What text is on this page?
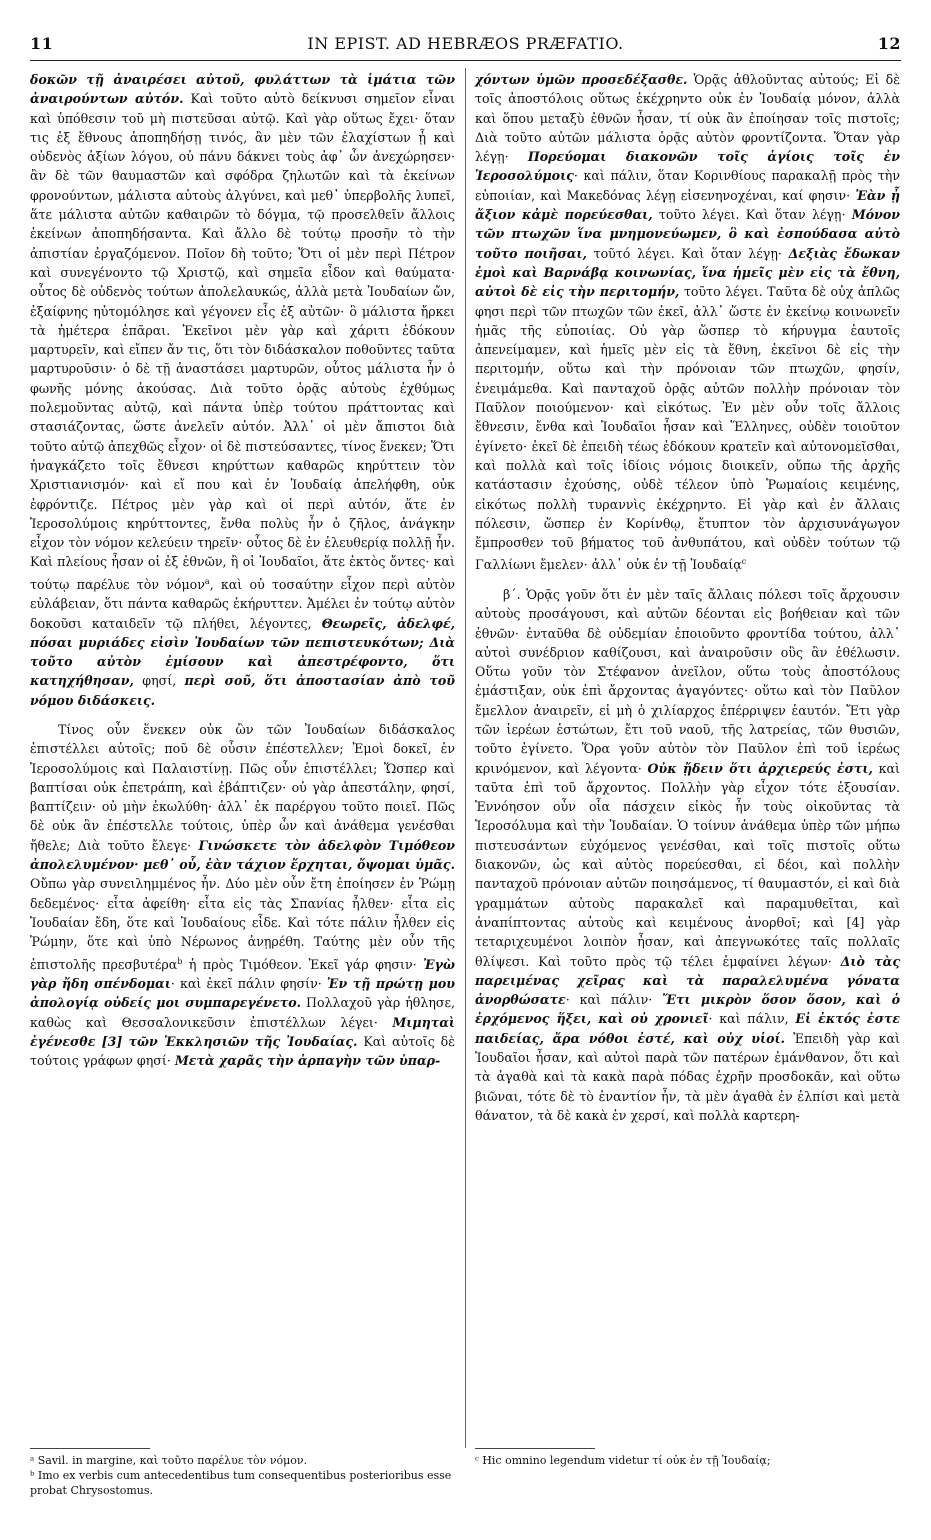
11	IN EPIST. AD HEBRÆOS PRÆFATIO.	12

δοκῶν τῇ ἀναιρέσει αὐτοῦ, φυλάττων τὰ ἱμάτια τῶν ἀναιρούντων αὐτόν. Καὶ τοῦτο αὐτὸ δείκνυσι σημεῖον εἶναι καὶ ὑπόθεσιν τοῦ μὴ πιστεῦσαι αὐτῷ. Καὶ γὰρ οὕτως ἔχει· ὅταν τις ἐξ ἔθνους ἀποπηδήσῃ τινός, ἂν μὲν τῶν ἐλαχίστων ᾖ καὶ οὐδενὸς ἀξίων λόγου, οὐ πάνυ δάκνει τοὺς ἀφ᾽ ὧν ἀνεχώρησεν· ἂν δὲ τῶν θαυμαστῶν καὶ σφόδρα ζηλωτῶν καὶ τὰ ἐκείνων φρονούντων, μάλιστα αὐτοὺς ἀλγύνει, καὶ μεθ᾽ ὑπερβολῆς λυπεῖ, ἅτε μάλιστα αὐτῶν καθαιρῶν τὸ δόγμα, τῷ προσελθεῖν ἄλλοις ἐκείνων ἀποπηδήσαντα. Καὶ ἄλλο δὲ τούτῳ προσῆν τὸ τὴν ἀπιστίαν ἐργαζόμενον. Ποῖον δὴ τοῦτο; Ὅτι οἱ μὲν περὶ Πέτρον καὶ συνεγένοντο τῷ Χριστῷ, καὶ σημεῖα εἶδον καὶ θαύματα· οὗτος δὲ οὐδενὸς τούτων ἀπολελαυκώς, ἀλλὰ μετὰ Ἰουδαίων ὤν, ἐξαίφνης ηὐτομόλησε καὶ γέγονεν εἷς ἐξ αὐτῶν· ὃ μάλιστα ἤρκει τὰ ἡμέτερα ἐπᾶραι. Ἐκεῖνοι μὲν γὰρ καὶ χάριτι ἐδόκουν μαρτυρεῖν, καὶ εἴπεν ἄν τις, ὅτι τὸν διδάσκαλον ποθοῦντες ταῦτα μαρτυροῦσιν· ὁ δὲ τῇ ἀναστάσει μαρτυρῶν, οὗτος μάλιστα ἦν ὁ φωνῆς μόνης ἀκούσας. Διὰ τοῦτο ὁρᾷς αὐτοὺς ἐχθύμως πολεμοῦντας αὐτῷ, καὶ πάντα ὑπὲρ τούτου πράττοντας καὶ στασιάζοντας, ὥστε ἀνελεῖν αὐτόν. Ἀλλ᾽ οἱ μὲν ἄπιστοι διὰ τοῦτο αὐτῷ ἀπεχθῶς εἶχον· οἱ δὲ πιστεύσαντες, τίνος ἕνεκεν; Ὅτι ἠναγκάζετο τοῖς ἔθνεσι κηρύττων καθαρῶς κηρύττειν τὸν Χριστιανισμόν· καὶ εἴ που καὶ ἐν Ἰουδαίᾳ ἀπελήφθη, οὐκ ἐφρόντιζε. Πέτρος μὲν γὰρ καὶ οἱ περὶ αὐτόν, ἅτε ἐν Ἱεροσολύμοις κηρύττοντες, ἔνθα πολὺς ἦν ὁ ζῆλος, ἀνάγκην εἶχον τὸν νόμον κελεύειν τηρεῖν· οὗτος δὲ ἐν ἐλευθερίᾳ πολλῇ ἦν. Καὶ πλείους ἦσαν οἱ ἐξ ἐθνῶν, ἢ οἱ Ἰουδαῖοι, ἅτε ἐκτὸς ὄντες· καὶ τούτῳ παρέλυε τὸν νόμον$^a$, καὶ οὐ τοσαύτην εἶχον περὶ αὐτὸν εὐλάβειαν, ὅτι πάντα καθαρῶς ἐκήρυττεν. Ἀμέλει ἐν τούτῳ αὐτὸν δοκοῦσι καταιδεῖν τῷ πλήθει, λέγοντες, Θεωρεῖς, ἀδελφέ, πόσαι μυριάδες εἰσὶν Ἰουδαίων τῶν πεπιστευκότων; Διὰ τοῦτο αὐτὸν ἐμίσουν καὶ ἀπεστρέφοντο, ὅτι κατηχήθησαν, φησί, περὶ σοῦ, ὅτι ἀποστασίαν ἀπὸ τοῦ νόμου διδάσκεις.

Τίνος οὖν ἕνεκεν οὐκ ὢν τῶν Ἰουδαίων διδάσκαλος ἐπιστέλλει αὐτοῖς; ποῦ δὲ οὖσιν ἐπέστελλεν; Ἐμοὶ δοκεῖ, ἐν Ἱεροσολύμοις καὶ Παλαιστίνῃ. Πῶς οὖν ἐπιστέλλει; Ὥσπερ καὶ βαπτίσαι οὐκ ἐπετράπη, καὶ ἐβάπτιζεν· οὐ γὰρ ἀπεστάλην, φησί, βαπτίζειν· οὐ μὴν ἐκωλύθη· ἀλλ᾽ ἐκ παρέργου τοῦτο ποιεῖ. Πῶς δὲ οὐκ ἂν ἐπέστελλε τούτοις, ὑπὲρ ὧν καὶ ἀνάθεμα γενέσθαι ἤθελε; Διὰ τοῦτο ἔλεγε· Γινώσκετε τὸν ἀδελφὸν Τιμόθεον ἀπολελυμένον· μεθ᾽ οὗ, ἐὰν τάχιον ἔρχηται, ὄψομαι ὑμᾶς. Οὔπω γὰρ συνειλημμένος ἦν. Δύο μὲν οὖν ἔτη ἐποίησεν ἐν Ῥώμῃ δεδεμένος· εἶτα ἀφείθη· εἶτα εἰς τὰς Σπανίας ἦλθεν· εἶτα εἰς Ἰουδαίαν ἔδη, ὅτε καὶ Ἰουδαίους εἶδε. Καὶ τότε πάλιν ἦλθεν εἰς Ῥώμην, ὅτε καὶ ὑπὸ Νέρωνος ἀνῃρέθη. Ταύτης μὲν οὖν τῆς ἐπιστολῆς πρεσβυτέρα$^b$ ἡ πρὸς Τιμόθεον. Ἐκεῖ γάρ φησιν· Ἐγὼ γὰρ ἤδη σπένδομαι· καὶ ἐκεῖ πάλιν φησίν· Ἐν τῇ πρώτῃ μου ἀπολογίᾳ οὐδείς μοι συμπαρεγένετο. Πολλαχοῦ γὰρ ἠθλησε, καθὼς καὶ Θεσσαλονικεῦσιν ἐπιστέλλων λέγει· Μιμηταὶ ἐγένεσθε [3] τῶν Ἐκκλησιῶν τῆς Ἰουδαίας. Καὶ αὐτοῖς δὲ τούτοις γράφων φησί· Μετὰ χαρᾶς τὴν ἁρπαγὴν τῶν ὑπαρ-

χόντων ὑμῶν προσεδέξασθε. Ὁρᾷς ἀθλοῦντας αὐτούς; Εἰ δὲ τοῖς ἀποστόλοις οὕτως ἐκέχρηντο οὐκ ἐν Ἰουδαίᾳ μόνον, ἀλλὰ καὶ ὅπου μεταξὺ ἐθνῶν ἦσαν, τί οὐκ ἂν ἐποίησαν τοῖς πιστοῖς; Διὰ τοῦτο αὐτῶν μάλιστα ὁρᾷς αὐτὸν φροντίζοντα. Ὅταν γὰρ λέγῃ· Πορεύομαι διακονῶν τοῖς ἁγίοις τοῖς ἐν Ἱεροσολύμοις· καὶ πάλιν, ὅταν Κορινθίους παρακαλῇ πρὸς τὴν εὐποιίαν, καὶ Μακεδόνας λέγῃ εἰσενηνοχέναι, καί φησιν· Ἐὰν ᾖ ἄξιον κἀμὲ πορεύεσθαι, τοῦτο λέγει. Καὶ ὅταν λέγῃ· Μόνον τῶν πτωχῶν ἵνα μνημονεύωμεν, ὃ καὶ ἐσπούδασα αὐτὸ τοῦτο ποιῆσαι, τοῦτό λέγει. Καὶ ὅταν λέγῃ· Δεξιὰς ἔδωκαν ἐμοὶ καὶ Βαρνάβᾳ κοινωνίας, ἵνα ἡμεῖς μὲν εἰς τὰ ἔθνη, αὐτοὶ δὲ εἰς τὴν περιτομήν, τοῦτο λέγει. Ταῦτα δὲ οὐχ ἁπλῶς φησι περὶ τῶν πτωχῶν τῶν ἐκεῖ, ἀλλ᾽ ὥστε ἐν ἐκείνῳ κοινωνεῖν ἡμᾶς τῆς εὐποιίας. Οὐ γὰρ ὥσπερ τὸ κήρυγμα ἑαυτοῖς ἀπενείμαμεν, καὶ ἡμεῖς μὲν εἰς τὰ ἔθνη, ἐκεῖνοι δὲ εἰς τὴν περιτομήν, οὕτω καὶ τὴν πρόνοιαν τῶν πτωχῶν, φησίν, ἐνειμάμεθα. Καὶ πανταχοῦ ὁρᾷς αὐτῶν πολλὴν πρόνοιαν τὸν Παῦλον ποιούμενον· καὶ εἰκότως. Ἐν μὲν οὖν τοῖς ἄλλοις ἔθνεσιν, ἔνθα καὶ Ἰουδαῖοι ἦσαν καὶ Ἕλληνες, οὐδὲν τοιοῦτον ἐγίνετο· ἐκεῖ δὲ ἐπειδὴ τέως ἐδόκουν κρατεῖν καὶ αὐτονομεῖσθαι, καὶ πολλὰ καὶ τοῖς ἰδίοις νόμοις διοικεῖν, οὔπω τῆς ἀρχῆς κατάστασιν ἐχούσης, οὐδὲ τέλεον ὑπὸ Ῥωμαίοις κειμένης, εἰκότως πολλὴ τυραννὶς ἐκέχρηντο. Εἰ γὰρ καὶ ἐν ἄλλαις πόλεσιν, ὥσπερ ἐν Κορίνθῳ, ἔτυπτον τὸν ἀρχισυνάγωγον ἔμπροσθεν τοῦ βήματος τοῦ ἀνθυπάτου, καὶ οὐδὲν τούτων τῷ Γαλλίωνι ἔμελεν· ἀλλ᾽ οὐκ ἐν τῇ Ἰουδαίᾳ$^c$

β΄. Ὁρᾷς γοῦν ὅτι ἐν μὲν ταῖς ἄλλαις πόλεσι τοῖς ἄρχουσιν αὐτοὺς προσάγουσι, καὶ αὐτῶν δέονται εἰς βοήθειαν καὶ τῶν ἐθνῶν· ἐνταῦθα δὲ οὐδεμίαν ἐποιοῦντο φροντίδα τούτου, ἀλλ᾽ αὐτοὶ συνέδριον καθίζουσι, καὶ ἀναιροῦσιν οὓς ἂν ἐθέλωσιν. Οὕτω γοῦν τὸν Στέφανον ἀνεῖλον, οὕτω τοὺς ἀποστόλους ἐμάστιξαν, οὐκ ἐπὶ ἄρχοντας ἀγαγόντες· οὕτω καὶ τὸν Παῦλον ἔμελλον ἀναιρεῖν, εἰ μὴ ὁ χιλίαρχος ἐπέρριψεν ἑαυτόν. Ἔτι γὰρ τῶν ἱερέων ἑστώτων, ἔτι τοῦ ναοῦ, τῆς λατρείας, τῶν θυσιῶν, τοῦτο ἐγίνετο. Ὅρα γοῦν αὐτὸν τὸν Παῦλον ἐπὶ τοῦ ἱερέως κρινόμενον, καὶ λέγοντα· Οὐκ ᾔδειν ὅτι ἀρχιερεύς ἐστι, καὶ ταῦτα ἐπὶ τοῦ ἄρχοντος. Πολλὴν γὰρ εἶχον τότε ἐξουσίαν. Ἐννόησον οὖν οἷα πάσχειν εἰκὸς ἦν τοὺς οἰκοῦντας τὰ Ἱεροσόλυμα καὶ τὴν Ἰουδαίαν. Ὁ τοίνυν ἀνάθεμα ὑπὲρ τῶν μήπω πιστευσάντων εὐχόμενος γενέσθαι, καὶ τοῖς πιστοῖς οὕτω διακονῶν, ὡς καὶ αὐτὸς πορεύεσθαι, εἰ δέοι, καὶ πολλὴν πανταχοῦ πρόνοιαν αὐτῶν ποιησάμενος, τί θαυμαστόν, εἰ καὶ διὰ γραμμάτων αὐτοὺς παρακαλεῖ καὶ παραμυθεῖται, καὶ ἀναπίπτοντας αὐτοὺς καὶ κειμένους ἀνορθοῖ; καὶ [4] γὰρ τεταριχευμένοι λοιπὸν ἦσαν, καὶ ἀπεγνωκότες ταῖς πολλαῖς θλίψεσι. Καὶ τοῦτο πρὸς τῷ τέλει ἐμφαίνει λέγων· Διὸ τὰς παρειμένας χεῖρας καὶ τὰ παραλελυμένα γόνατα ἀνορθώσατε· καὶ πάλιν· Ἔτι μικρὸν ὅσον ὅσον, καὶ ὁ ἐρχόμενος ἥξει, καὶ οὐ χρονιεῖ· καὶ πάλιν, Εἰ ἐκτός ἐστε παιδείας, ἄρα νόθοι ἐστέ, καὶ οὐχ υἱοί. Ἐπειδὴ γὰρ καὶ Ἰουδαῖοι ἦσαν, καὶ αὐτοὶ παρὰ τῶν πατέρων ἐμάνθανον, ὅτι καὶ τὰ ἀγαθὰ καὶ τὰ κακὰ παρὰ πόδας ἐχρῆν προσδοκᾶν, καὶ οὕτω βιῶναι, τότε δὲ τὸ ἐναντίον ἦν, τὰ μὲν ἀγαθὰ ἐν ἐλπίσι καὶ μετὰ θάνατον, τὰ δὲ κακὰ ἐν χερσί, καὶ πολλὰ καρτερη-

ᵃ Savil. in margine, καὶ τοῦτο παρέλυε τὸν νόμον.

ᵇ Imo ex verbis cum antecedentibus tum consequentibus posterioribus esse probat Chrysostomus.

ᶜ Hic omnino legendum videtur τί οὐκ ἐν τῇ Ἰουδαίᾳ;
